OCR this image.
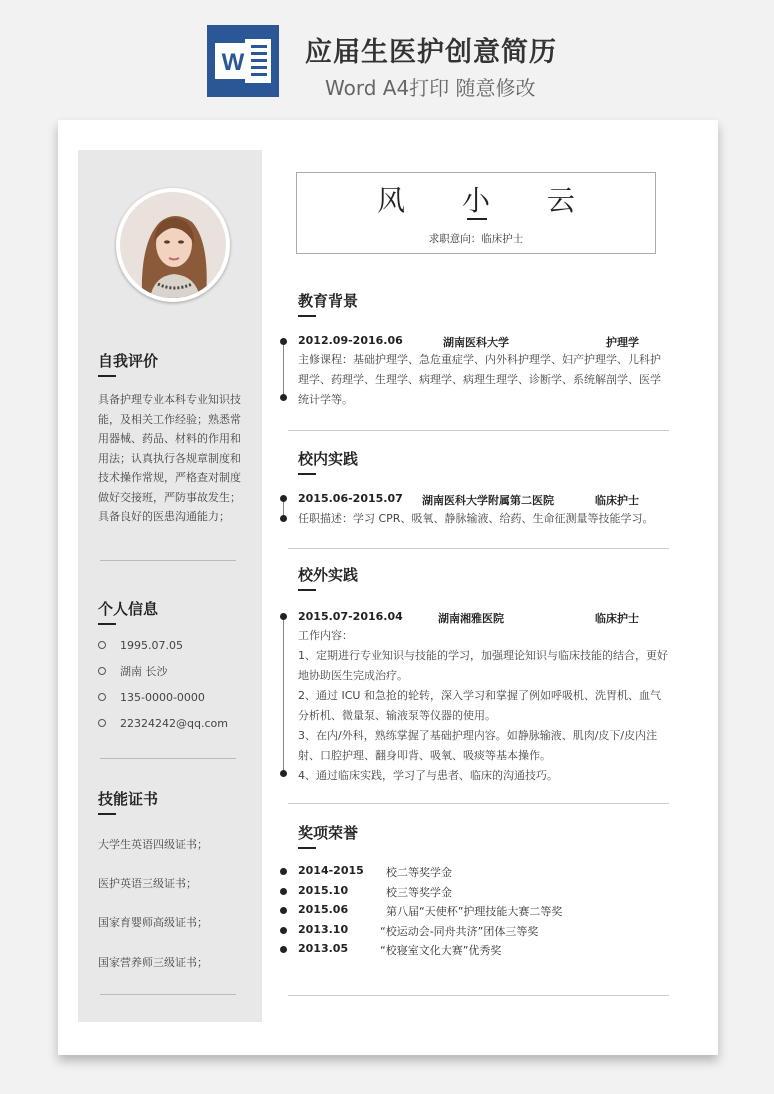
W 应届生医护创意简历
Word A4打印 随意修改
自我评价
具备护理专业本科专业知识技能，及相关工作经验；熟悉常用器械、药品、材料的作用和用法；认真执行各规章制度和技术操作常规，严格查对制度做好交接班，严防事故发生；具备良好的医患沟通能力；
个人信息
1995.07.05
湖南 长沙
135-0000-0000
22324242@qq.com
技能证书
大学生英语四级证书；
医护英语三级证书；
国家育婴师高级证书；
国家营养师三级证书；
风 小 云
求职意向：临床护士
教育背景
2012.09-2016.06	湖南医科大学	护理学
主修课程：基础护理学、急危重症学、内外科护理学、妇产护理学、儿科护理学、药理学、生理学、病理学、病理生理学、诊断学、系统解剖学、医学统计学等。
校内实践
2015.06-2015.07 湖南医科大学附属第二医院	临床护士
任职描述：学习 CPR、吸氧、静脉输液、给药、生命征测量等技能学习。
校外实践
2015.07-2016.04	湖南湘雅医院	临床护士
工作内容：
1、定期进行专业知识与技能的学习，加强理论知识与临床技能的结合，更好地协助医生完成治疗。
2、通过 ICU 和急抢的轮转，深入学习和掌握了例如呼吸机、洗胃机、血气分析机、微量泵、输液泵等仪器的使用。
3、在内/外科，熟练掌握了基础护理内容。如静脉输液、肌肉/皮下/皮内注射、口腔护理、翻身叩背、吸氧、吸痰等基本操作。
4、通过临床实践，学习了与患者、临床的沟通技巧。
奖项荣誉
2014-2015 校二等奖学金
2015.10	校三等奖学金
2015.06	第八届“天使杯”护理技能大赛二等奖
2013.10	“校运动会-同舟共济”团体三等奖
2013.05	“校寝室文化大赛”优秀奖
